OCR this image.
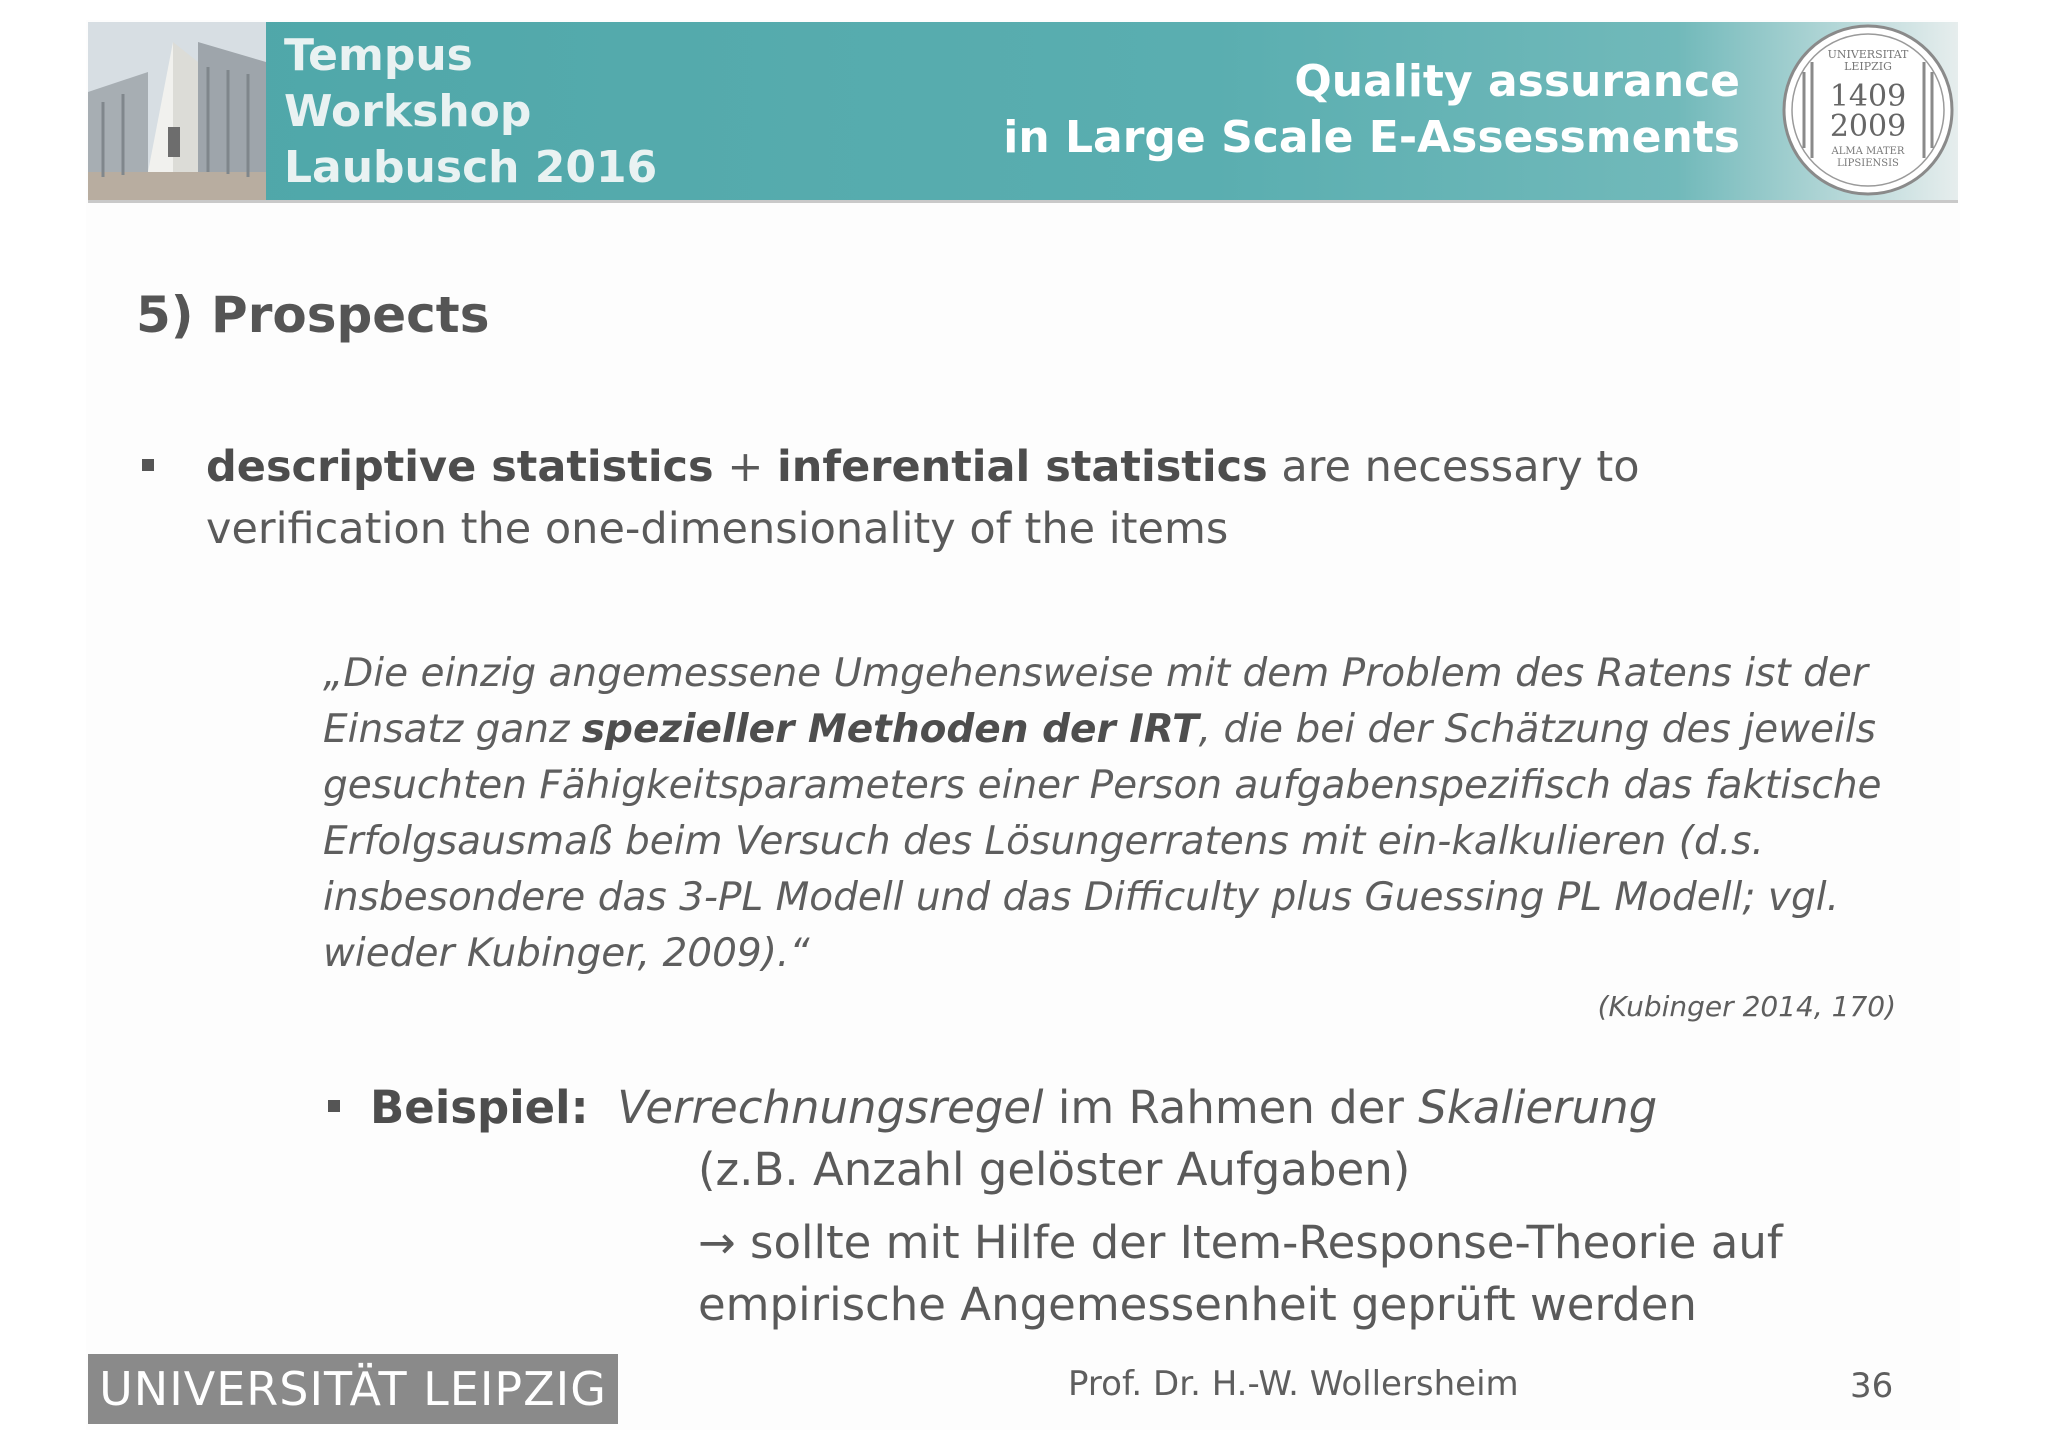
Tempus
Workshop
Laubusch 2016
Quality assurance
in Large Scale E-Assessments
UNIVERSITAT
LEIPZIG
1409
2009
ALMA MATER
LIPSIENSIS
5) Prospects
descriptive statistics + inferential statistics are necessary to verification the one-dimensionality of the items
„Die einzig angemessene Umgehensweise mit dem Problem des Ratens ist der Einsatz ganz spezieller Methoden der IRT, die bei der Schätzung des jeweils gesuchten Fähigkeitsparameters einer Person aufgabenspezifisch das faktische Erfolgsausmaß beim Versuch des Lösungerratens mit ein-kalkulieren (d.s. insbesondere das 3-PL Modell und das Difficulty plus Guessing PL Modell; vgl. wieder Kubinger, 2009).“
(Kubinger 2014, 170)
Beispiel: Verrechnungsregel im Rahmen der Skalierung
(z.B. Anzahl gelöster Aufgaben)
→ sollte mit Hilfe der Item-Response-Theorie auf empirische Angemessenheit geprüft werden
UNIVERSITÄT LEIPZIG	Prof. Dr. H.-W. Wollersheim	36
